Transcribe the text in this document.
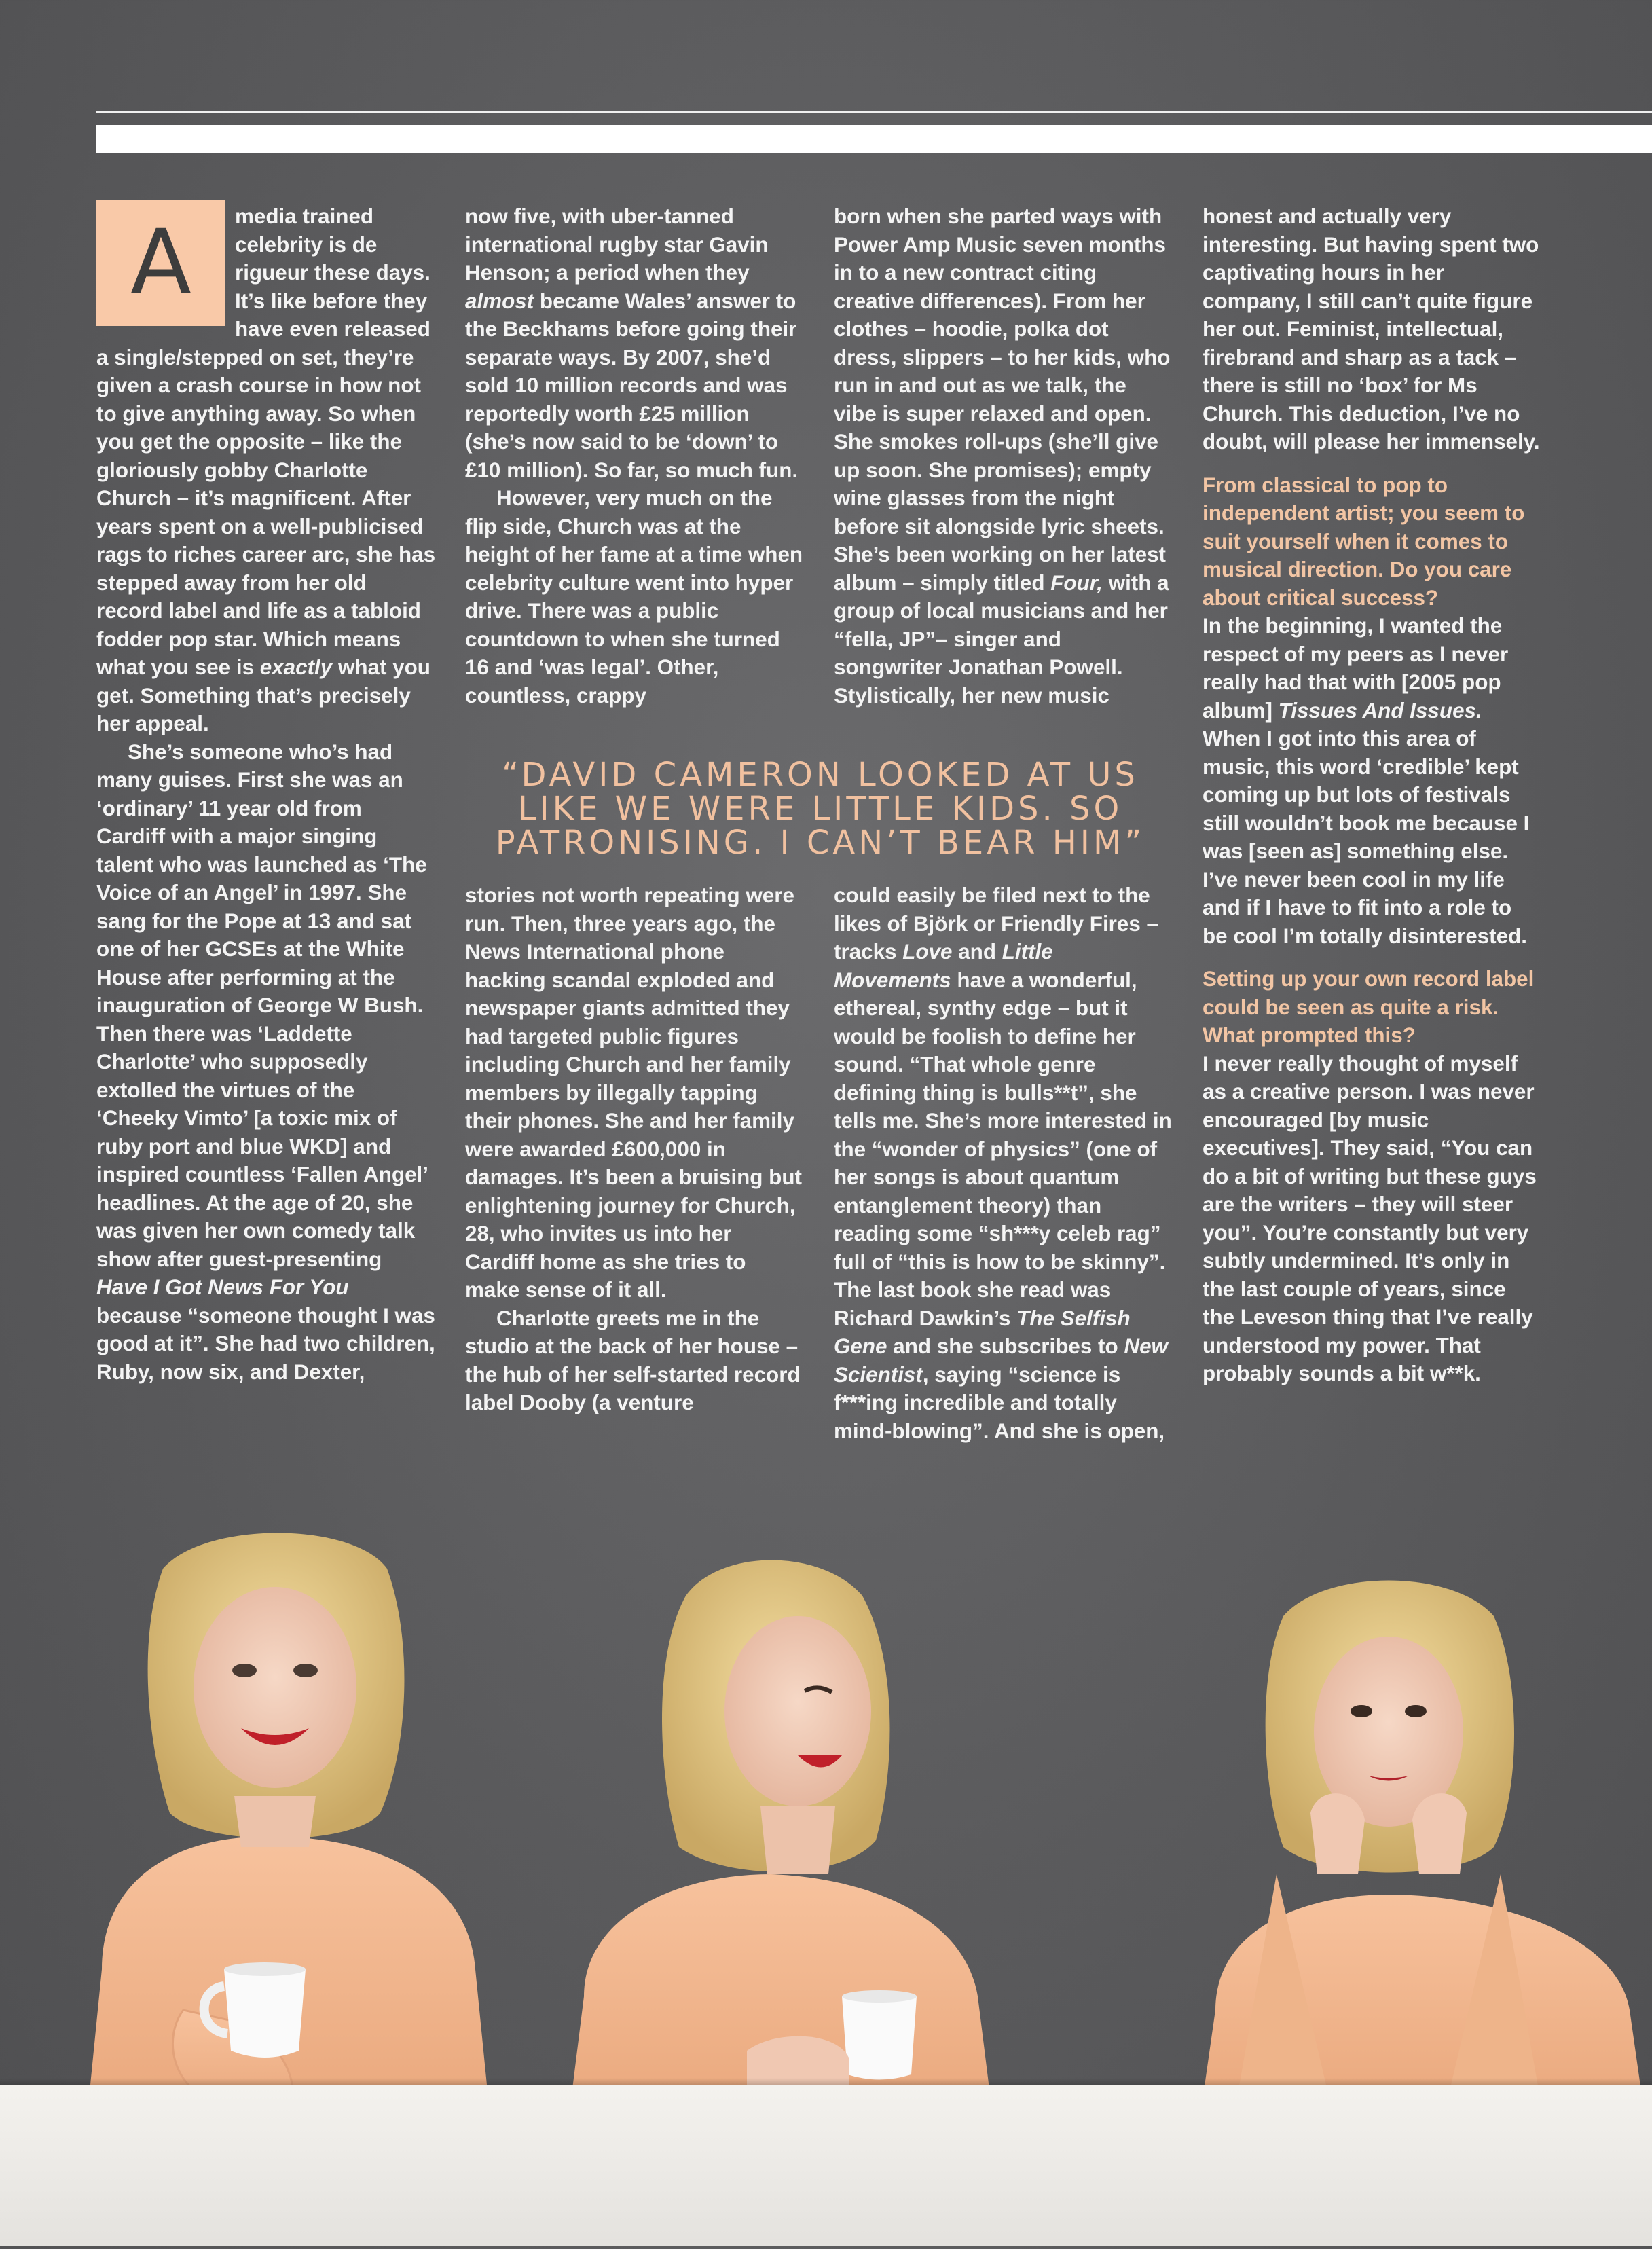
A	media trained celebrity is de rigueur these days. It’s like before they have even released a single/stepped on set, they’re given a crash course in how not to give anything away. So when you get the opposite – like the gloriously gobby Charlotte Church – it’s magnificent. After years spent on a well-publicised rags to riches career arc, she has stepped away from her old record label and life as a tabloid fodder pop star. Which means what you see is exactly what you get. Something that’s precisely her appeal.

She’s someone who’s had many guises. First she was an ‘ordinary’ 11 year old from Cardiff with a major singing talent who was launched as ‘The Voice of an Angel’ in 1997. She sang for the Pope at 13 and sat one of her GCSEs at the White House after performing at the inauguration of George W Bush. Then there was ‘Laddette Charlotte’ who supposedly extolled the virtues of the ‘Cheeky Vimto’ [a toxic mix of ruby port and blue WKD] and inspired countless ‘Fallen Angel’ headlines. At the age of 20, she was given her own comedy talk show after guest-presenting Have I Got News For You because “someone thought I was good at it”. She had two children, Ruby, now six, and Dexter,

now five, with uber-tanned international rugby star Gavin Henson; a period when they almost became Wales’ answer to the Beckhams before going their separate ways. By 2007, she’d sold 10 million records and was reportedly worth £25 million (she’s now said to be ‘down’ to £10 million). So far, so much fun.

However, very much on the flip side, Church was at the height of her fame at a time when celebrity culture went into hyper drive. There was a public countdown to when she turned 16 and ‘was legal’. Other, countless, crappy

born when she parted ways with Power Amp Music seven months in to a new contract citing creative differences). From her clothes – hoodie, polka dot dress, slippers – to her kids, who run in and out as we talk, the vibe is super relaxed and open. She smokes roll-ups (she’ll give up soon. She promises); empty wine glasses from the night before sit alongside lyric sheets. She’s been working on her latest album – simply titled Four, with a group of local musicians and her “fella, JP”– singer and songwriter Jonathan Powell. Stylistically, her new music

“DAVID CAMERON LOOKED AT US
LIKE WE WERE LITTLE KIDS. SO
PATRONISING. I CAN’T BEAR HIM”

stories not worth repeating were run. Then, three years ago, the News International phone hacking scandal exploded and newspaper giants admitted they had targeted public figures including Church and her family members by illegally tapping their phones. She and her family were awarded £600,000 in damages. It’s been a bruising but enlightening journey for Church, 28, who invites us into her Cardiff home as she tries to make sense of it all.

Charlotte greets me in the studio at the back of her house – the hub of her self-started record label Dooby (a venture

could easily be filed next to the likes of Björk or Friendly Fires – tracks Love and Little Movements have a wonderful, ethereal, synthy edge – but it would be foolish to define her sound. “That whole genre defining thing is bulls**t”, she tells me. She’s more interested in the “wonder of physics” (one of her songs is about quantum entanglement theory) than reading some “sh***y celeb rag” full of “this is how to be skinny”. The last book she read was Richard Dawkin’s The Selfish Gene and she subscribes to New Scientist, saying “science is f***ing incredible and totally mind-blowing”. And she is open,

honest and actually very interesting. But having spent two captivating hours in her company, I still can’t quite figure her out. Feminist, intellectual, firebrand and sharp as a tack – there is still no ‘box’ for Ms Church. This deduction, I’ve no doubt, will please her immensely.

From classical to pop to independent artist; you seem to suit yourself when it comes to musical direction. Do you care about critical success?

In the beginning, I wanted the respect of my peers as I never really had that with [2005 pop album] Tissues And Issues. When I got into this area of music, this word ‘credible’ kept coming up but lots of festivals still wouldn’t book me because I was [seen as] something else. I’ve never been cool in my life and if I have to fit into a role to be cool I’m totally disinterested.

Setting up your own record label could be seen as quite a risk. What prompted this?

I never really thought of myself as a creative person. I was never encouraged [by music executives]. They said, “You can do a bit of writing but these guys are the writers – they will steer you”. You’re constantly but very subtly undermined. It’s only in the last couple of years, since the Leveson thing that I’ve really understood my power. That probably sounds a bit w**k.
